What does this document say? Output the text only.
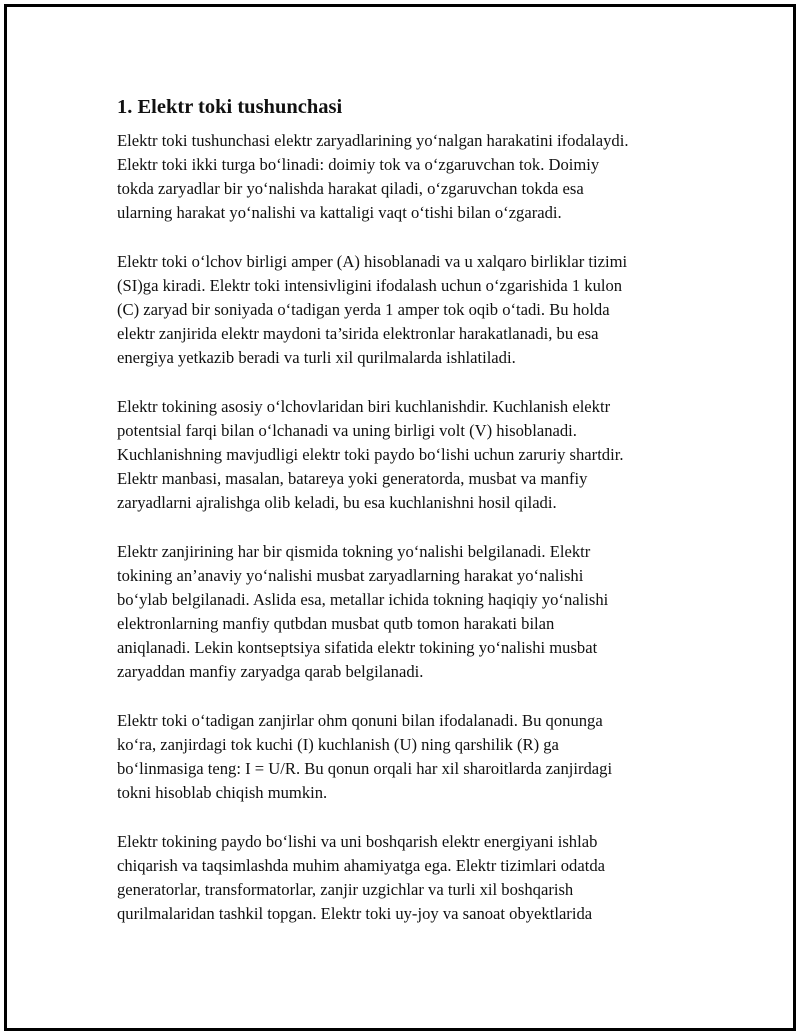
1. Elektr toki tushunchasi

Elektr toki tushunchasi elektr zaryadlarining yo‘nalgan harakatini ifodalaydi.
Elektr toki ikki turga bo‘linadi: doimiy tok va o‘zgaruvchan tok. Doimiy
tokda zaryadlar bir yo‘nalishda harakat qiladi, o‘zgaruvchan tokda esa
ularning harakat yo‘nalishi va kattaligi vaqt o‘tishi bilan o‘zgaradi.

Elektr toki o‘lchov birligi amper (A) hisoblanadi va u xalqaro birliklar tizimi
(SI)ga kiradi. Elektr toki intensivligini ifodalash uchun o‘zgarishida 1 kulon
(C) zaryad bir soniyada o‘tadigan yerda 1 amper tok oqib o‘tadi. Bu holda
elektr zanjirida elektr maydoni ta’sirida elektronlar harakatlanadi, bu esa
energiya yetkazib beradi va turli xil qurilmalarda ishlatiladi.

Elektr tokining asosiy o‘lchovlaridan biri kuchlanishdir. Kuchlanish elektr
potentsial farqi bilan o‘lchanadi va uning birligi volt (V) hisoblanadi.
Kuchlanishning mavjudligi elektr toki paydo bo‘lishi uchun zaruriy shartdir.
Elektr manbasi, masalan, batareya yoki generatorda, musbat va manfiy
zaryadlarni ajralishga olib keladi, bu esa kuchlanishni hosil qiladi.

Elektr zanjirining har bir qismida tokning yo‘nalishi belgilanadi. Elektr
tokining an’anaviy yo‘nalishi musbat zaryadlarning harakat yo‘nalishi
bo‘ylab belgilanadi. Aslida esa, metallar ichida tokning haqiqiy yo‘nalishi
elektronlarning manfiy qutbdan musbat qutb tomon harakati bilan
aniqlanadi. Lekin kontseptsiya sifatida elektr tokining yo‘nalishi musbat
zaryaddan manfiy zaryadga qarab belgilanadi.

Elektr toki o‘tadigan zanjirlar ohm qonuni bilan ifodalanadi. Bu qonunga
ko‘ra, zanjirdagi tok kuchi (I) kuchlanish (U) ning qarshilik (R) ga
bo‘linmasiga teng: I = U/R. Bu qonun orqali har xil sharoitlarda zanjirdagi
tokni hisoblab chiqish mumkin.

Elektr tokining paydo bo‘lishi va uni boshqarish elektr energiyani ishlab
chiqarish va taqsimlashda muhim ahamiyatga ega. Elektr tizimlari odatda
generatorlar, transformatorlar, zanjir uzgichlar va turli xil boshqarish
qurilmalaridan tashkil topgan. Elektr toki uy-joy va sanoat obyektlarida
